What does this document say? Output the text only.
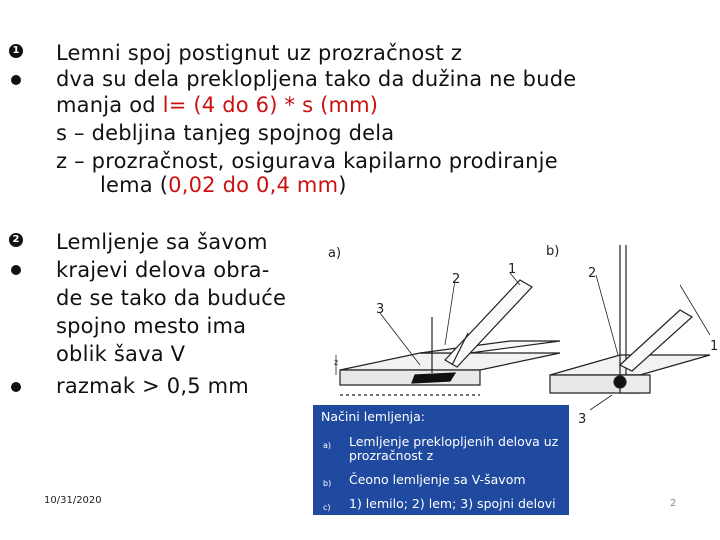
1 Lemni spoj postignut uz prozračnost z
dva su dela preklopljena tako da dužina ne bude
manja od l= (4 do 6) * s (mm)
s – debljina tanjeg spojnog dela
z – prozračnost, osigurava kapilarno prodiranje
lema (0,02 do 0,4 mm)
2 Lemljenje sa šavom
krajevi delova obra-
de se tako da buduće
spojno mesto ima
oblik šava V
razmak > 0,5 mm
a)	b)
z
3
2
1	2
1
3
Načini lemljenja:
a) Lemljenje preklopljenih delova uz prozračnost z
b) Čeono lemljenje sa V-šavom
c) 1) lemilo; 2) lem; 3) spojni delovi
10/31/2020	2
